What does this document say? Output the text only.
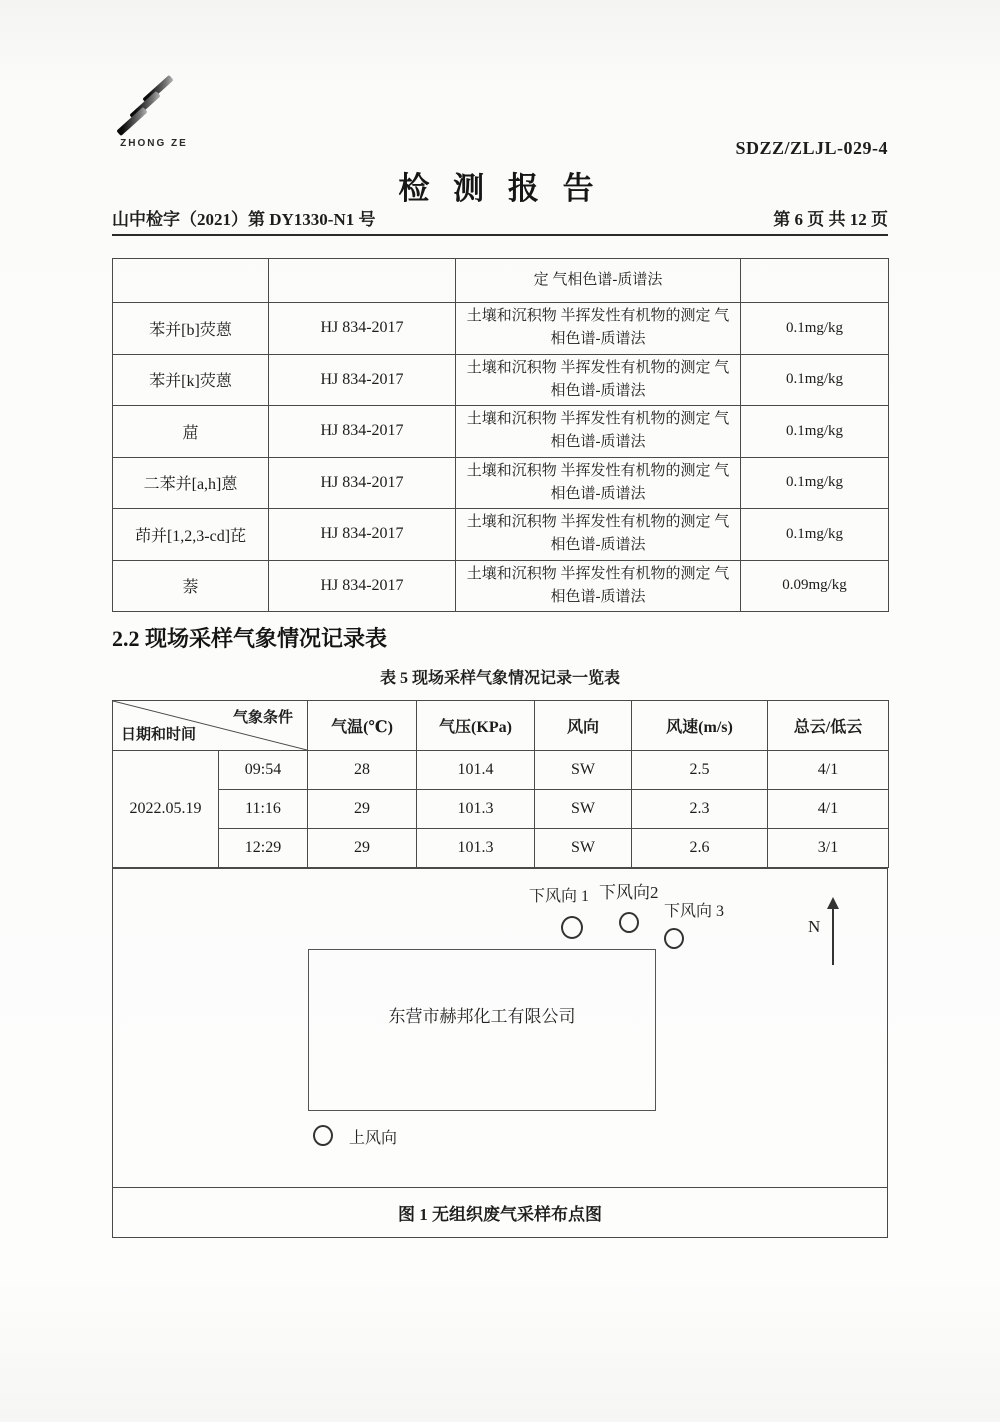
ZHONG ZE	SDZZ/ZLJL-029-4
检 测 报 告
山中检字（2021）第 DY1330-N1 号	第 6 页 共 12 页
		定 气相色谱-质谱法	
苯并[b]荧蒽	HJ 834-2017	土壤和沉积物 半挥发性有机物的测定 气相色谱-质谱法	0.1mg/kg
苯并[k]荧蒽	HJ 834-2017	土壤和沉积物 半挥发性有机物的测定 气相色谱-质谱法	0.1mg/kg
䓛	HJ 834-2017	土壤和沉积物 半挥发性有机物的测定 气相色谱-质谱法	0.1mg/kg
二苯并[a,h]蒽	HJ 834-2017	土壤和沉积物 半挥发性有机物的测定 气相色谱-质谱法	0.1mg/kg
茚并[1,2,3-cd]芘	HJ 834-2017	土壤和沉积物 半挥发性有机物的测定 气相色谱-质谱法	0.1mg/kg
萘	HJ 834-2017	土壤和沉积物 半挥发性有机物的测定 气相色谱-质谱法	0.09mg/kg
2.2 现场采样气象情况记录表
表 5 现场采样气象情况记录一览表
气象条件
日期和时间		气温(℃)	气压(KPa)	风向	风速(m/s)	总云/低云
2022.05.19	09:54	28	101.4	SW	2.5	4/1
	11:16	29	101.3	SW	2.3	4/1
	12:29	29	101.3	SW	2.6	3/1
下风向 1 下风向2
下风向 3
N
东营市赫邦化工有限公司
上风向
图 1 无组织废气采样布点图
